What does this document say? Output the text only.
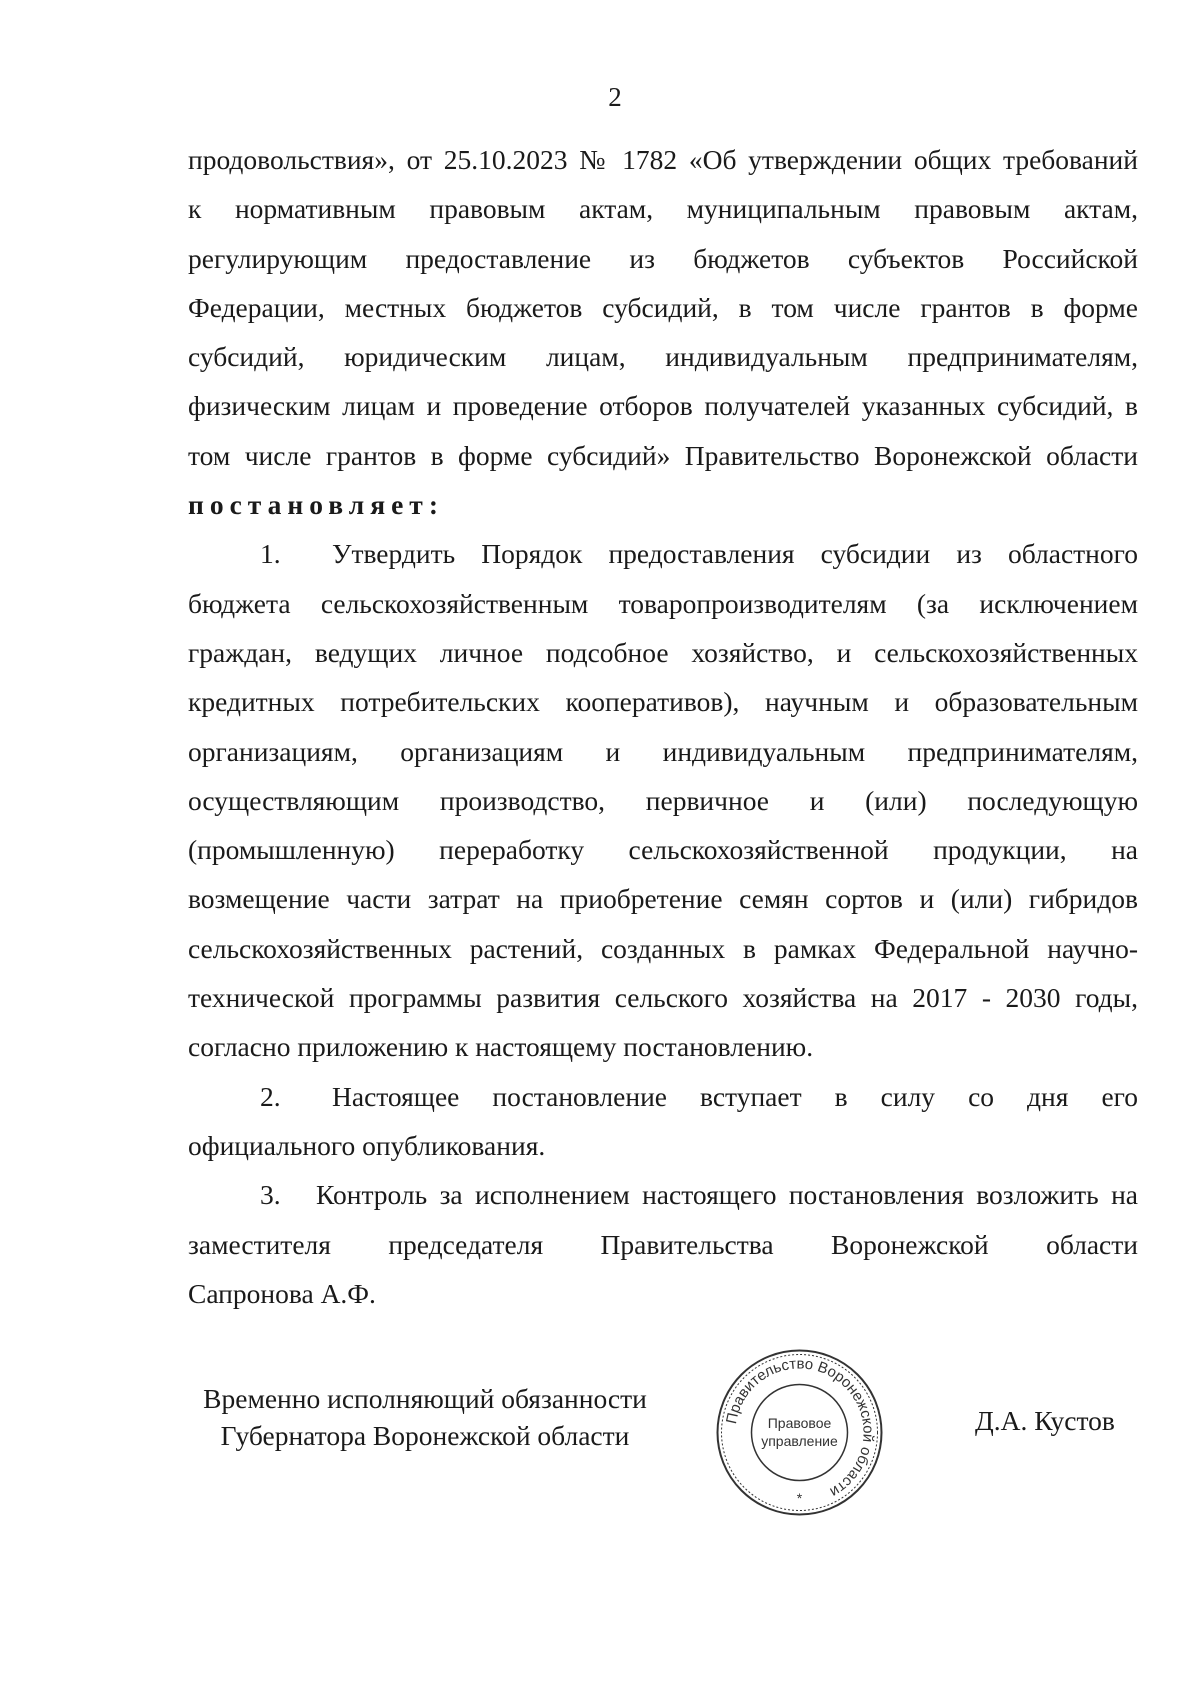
2

продовольствия», от 25.10.2023 № 1782 «Об утверждении общих требований
к нормативным правовым актам, муниципальным правовым актам,
регулирующим предоставление из бюджетов субъектов Российской
Федерации, местных бюджетов субсидий, в том числе грантов в форме
субсидий, юридическим лицам, индивидуальным предпринимателям,
физическим лицам и проведение отборов получателей указанных субсидий, в
том числе грантов в форме субсидий» Правительство Воронежской области

постановляет:

1. Утвердить Порядок предоставления субсидии из областного
бюджета сельскохозяйственным товаропроизводителям (за исключением
граждан, ведущих личное подсобное хозяйство, и сельскохозяйственных
кредитных потребительских кооперативов), научным и образовательным
организациям, организациям и индивидуальным предпринимателям,
осуществляющим производство, первичное и (или) последующую
(промышленную) переработку сельскохозяйственной продукции, на
возмещение части затрат на приобретение семян сортов и (или) гибридов
сельскохозяйственных растений, созданных в рамках Федеральной научно-
технической программы развития сельского хозяйства на 2017 - 2030 годы,
согласно приложению к настоящему постановлению.

2. Настоящее постановление вступает в силу со дня его
официального опубликования.

3. Контроль за исполнением настоящего постановления возложить на
заместителя председателя Правительства Воронежской области
Сапронова А.Ф.

Временно исполняющий обязанности
Губернатора Воронежской области
Правительство Воронежской области
Правовое
управление
*
Д.А. Кустов
